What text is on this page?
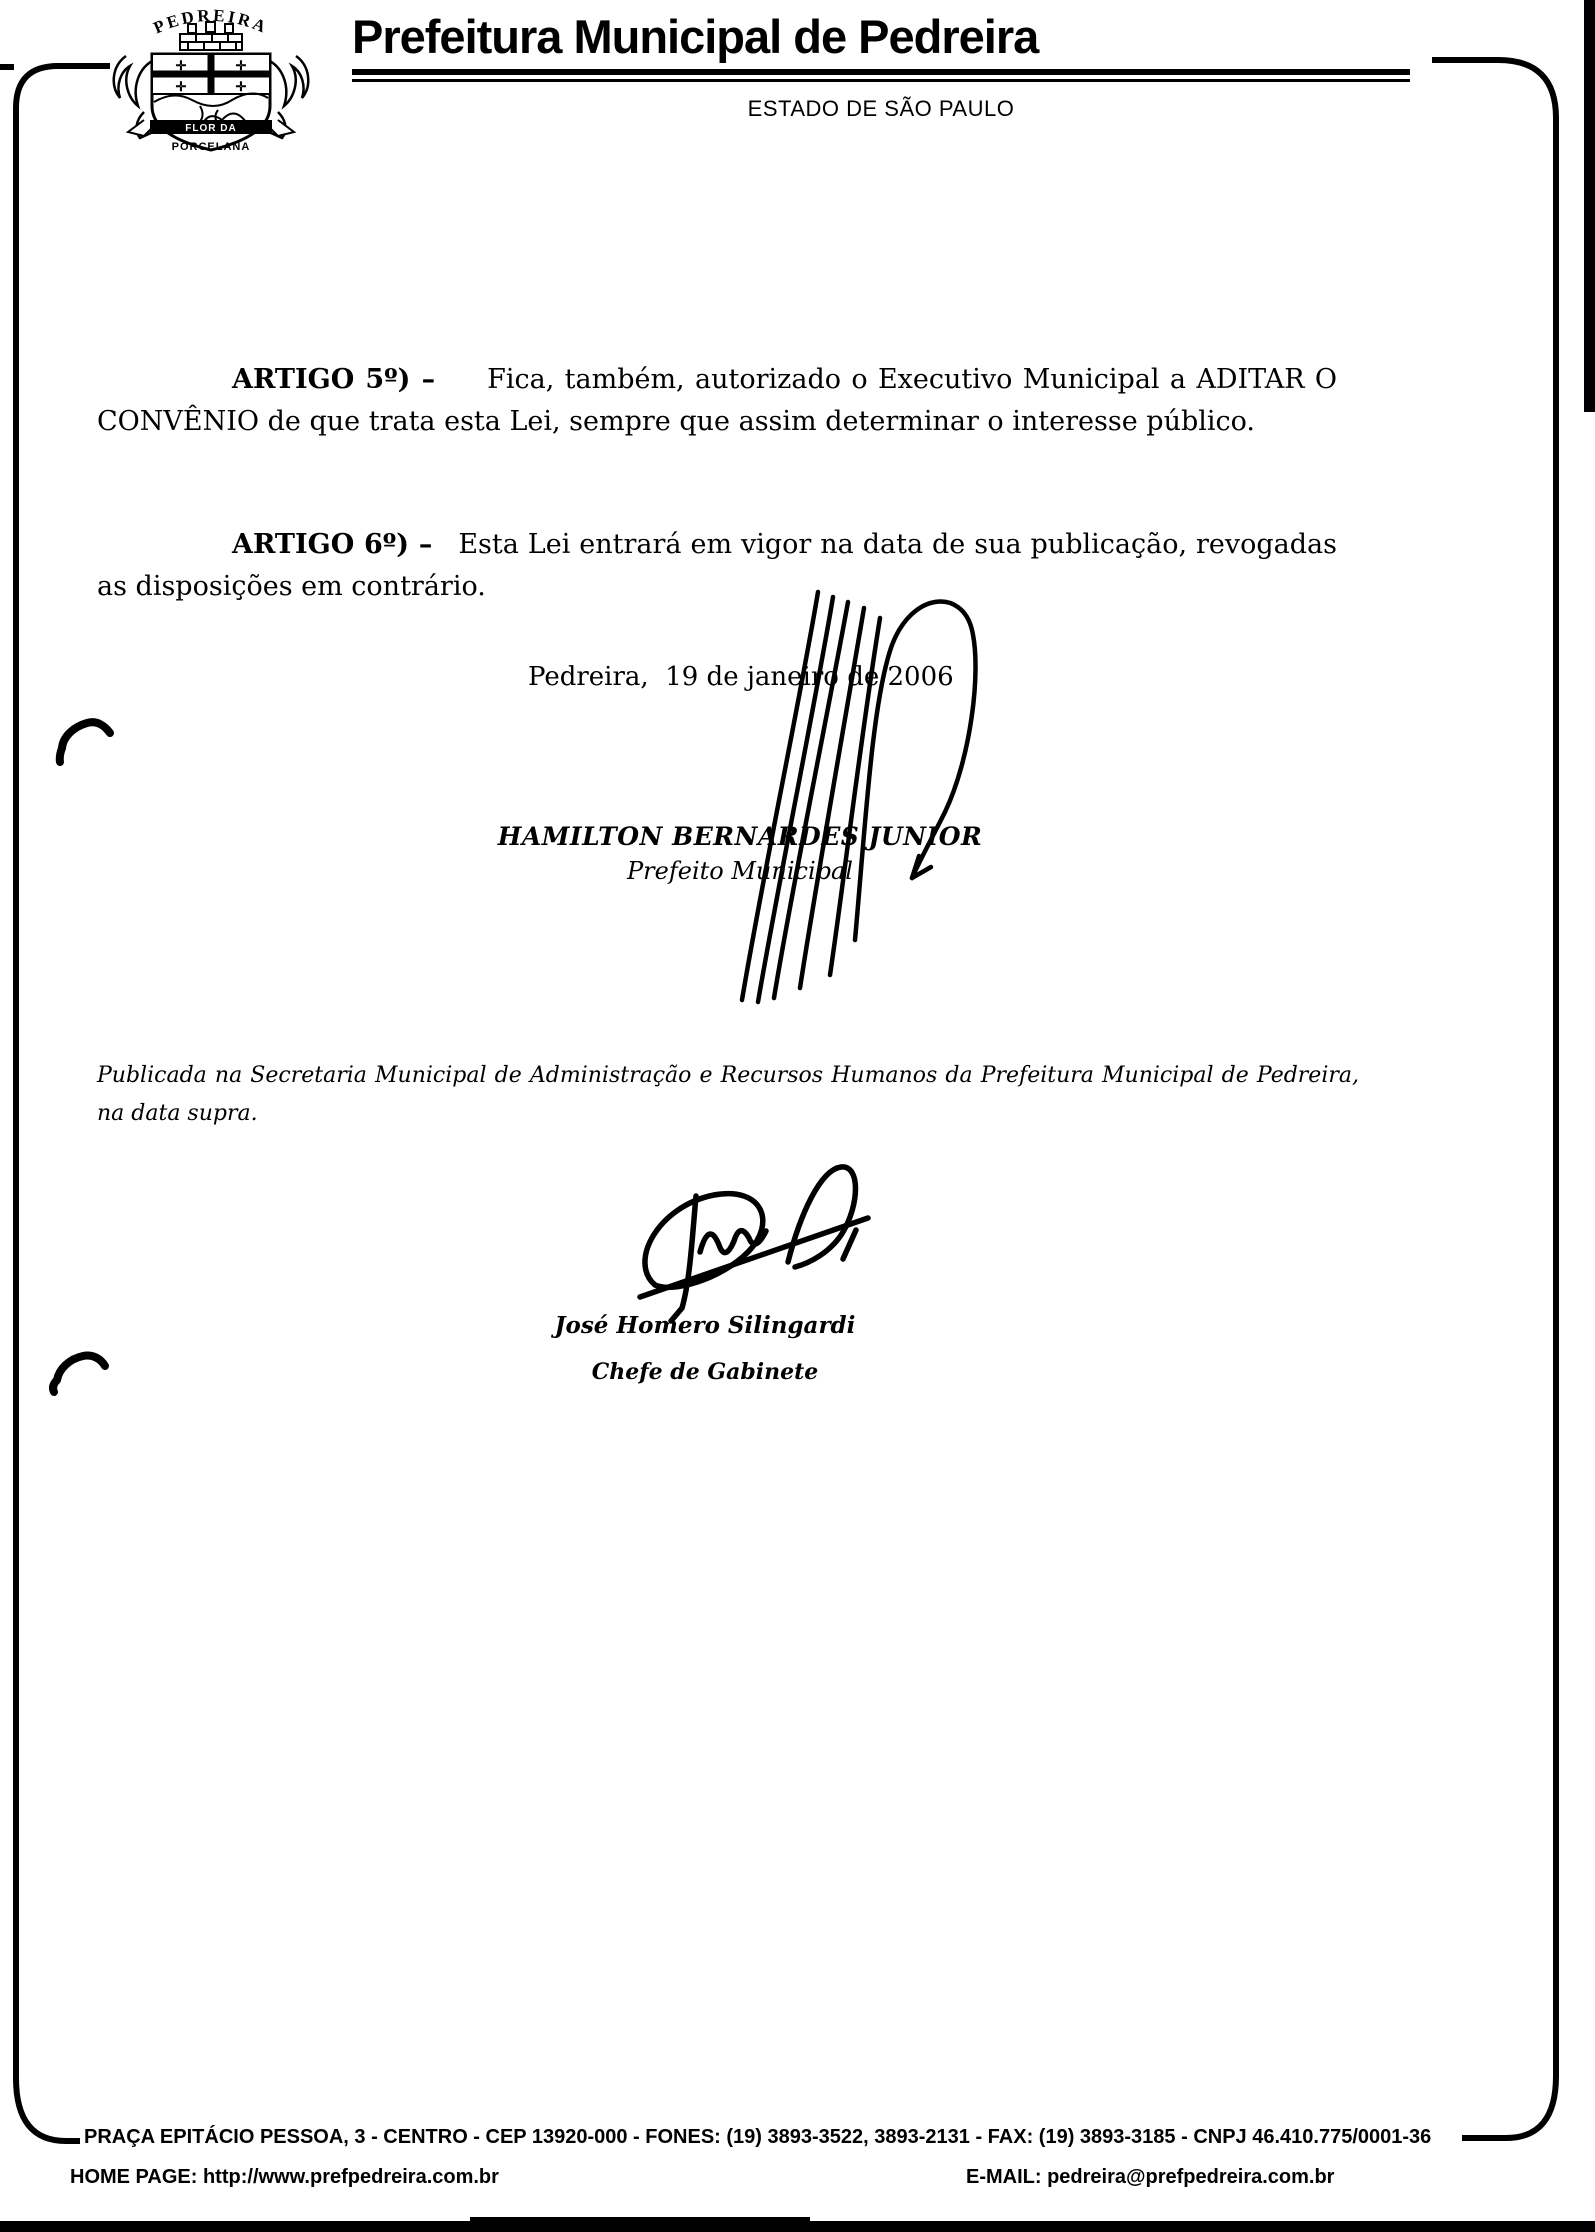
PEDREIRA
✛	✛
✛	✛
FLOR DA
PORCELANA
Prefeitura Municipal de Pedreira
ESTADO DE SÃO PAULO

ARTIGO 5º) – Fica, também, autorizado o Executivo Municipal a ADITAR O CONVÊNIO de que trata esta Lei, sempre que assim determinar o interesse público.

ARTIGO 6º) – Esta Lei entrará em vigor na data de sua publicação, revogadas as disposições em contrário.

Pedreira,  19 de janeiro de 2006
HAMILTON BERNARDES JUNIOR
Prefeito Municipal

Publicada na Secretaria Municipal de Administração e Recursos Humanos da Prefeitura Municipal de Pedreira, na data supra.

José Homero Silingardi
Chefe de Gabinete
PRAÇA EPITÁCIO PESSOA, 3 - CENTRO - CEP 13920-000 - FONES: (19) 3893-3522, 3893-2131 - FAX: (19) 3893-3185 - CNPJ 46.410.775/0001-36
HOME PAGE: http://www.prefpedreira.com.br	E-MAIL: pedreira@prefpedreira.com.br
